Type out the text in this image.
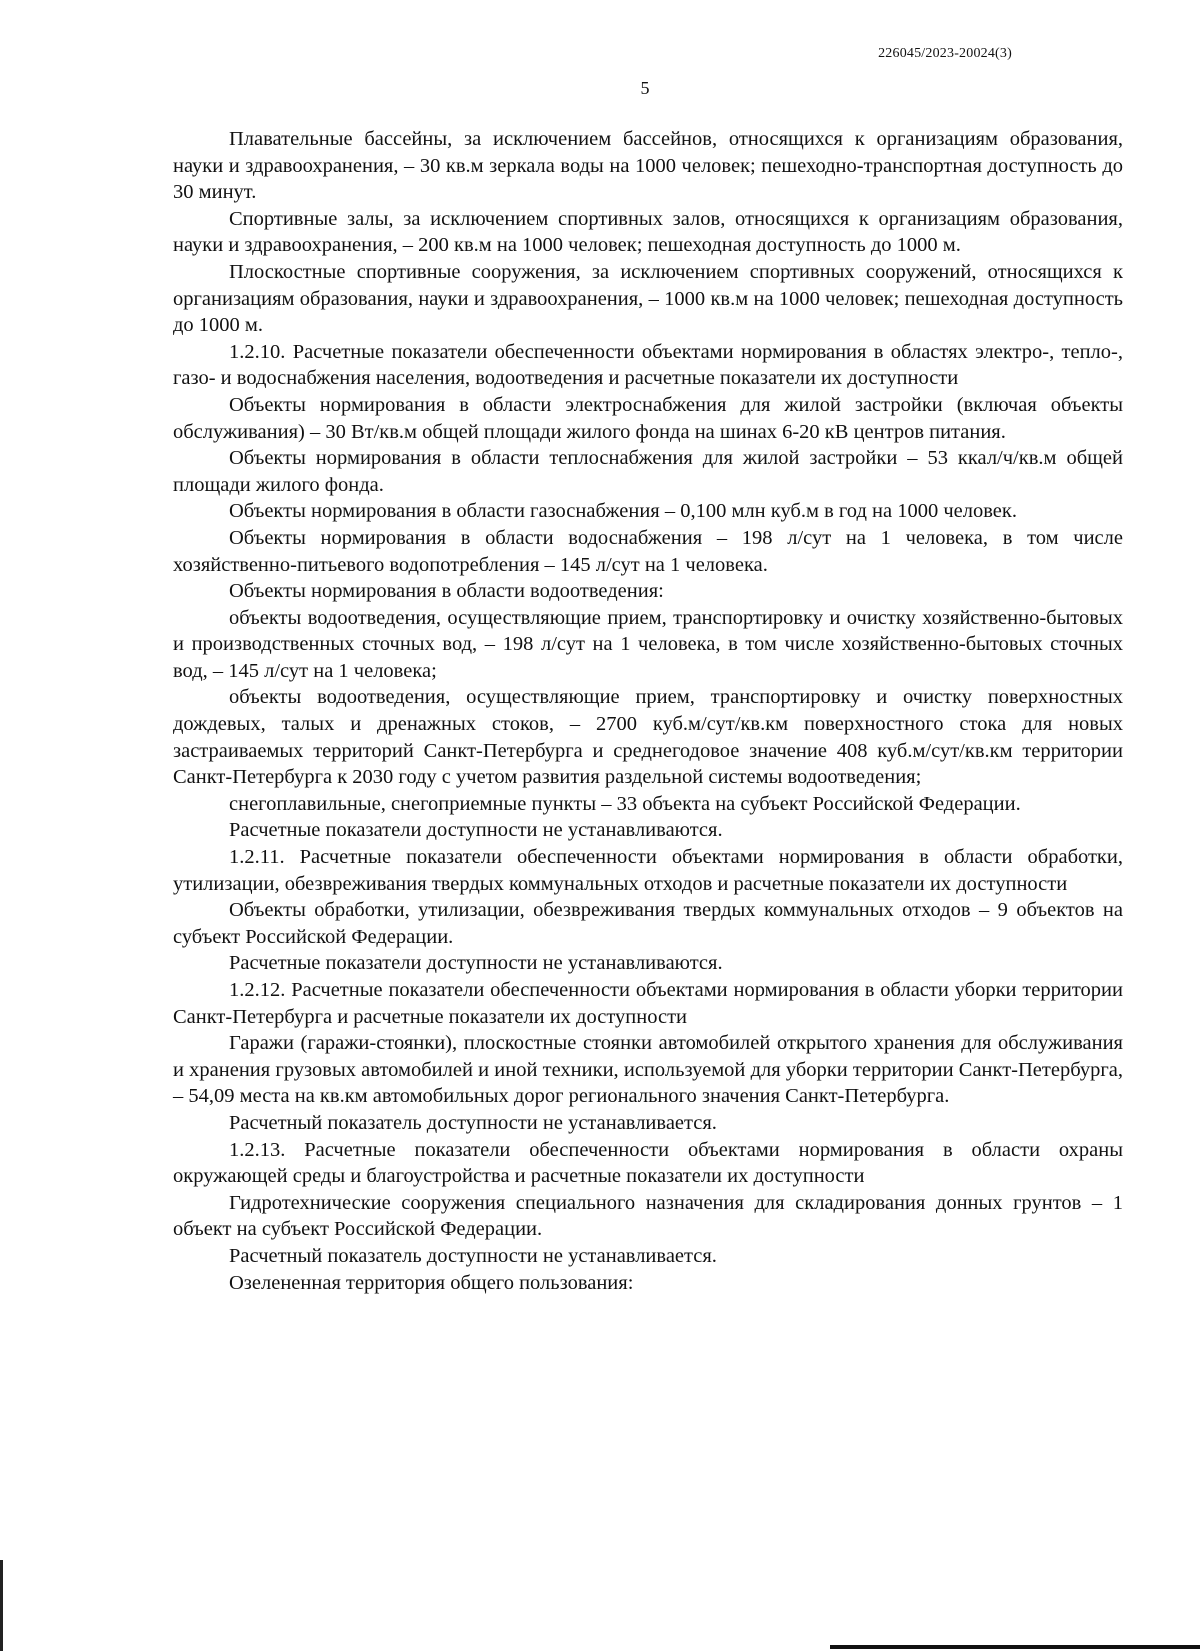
226045/2023-20024(3)
5

Плавательные бассейны, за исключением бассейнов, относящихся к организациям образования, науки и здравоохранения, – 30 кв.м зеркала воды на 1000 человек; пешеходно-транспортная доступность до 30 минут.

Спортивные залы, за исключением спортивных залов, относящихся к организациям образования, науки и здравоохранения, – 200 кв.м на 1000 человек; пешеходная доступность до 1000 м.

Плоскостные спортивные сооружения, за исключением спортивных сооружений, относящихся к организациям образования, науки и здравоохранения, – 1000 кв.м на 1000 человек; пешеходная доступность до 1000 м.

1.2.10. Расчетные показатели обеспеченности объектами нормирования в областях электро-, тепло-, газо- и водоснабжения населения, водоотведения и расчетные показатели их доступности

Объекты нормирования в области электроснабжения для жилой застройки (включая объекты обслуживания) – 30 Вт/кв.м общей площади жилого фонда на шинах 6-20 кВ центров питания.

Объекты нормирования в области теплоснабжения для жилой застройки – 53 ккал/ч/кв.м общей площади жилого фонда.

Объекты нормирования в области газоснабжения – 0,100 млн куб.м в год на 1000 человек.

Объекты нормирования в области водоснабжения – 198 л/сут на 1 человека, в том числе хозяйственно-питьевого водопотребления – 145 л/сут на 1 человека.

Объекты нормирования в области водоотведения:

объекты водоотведения, осуществляющие прием, транспортировку и очистку хозяйственно-бытовых и производственных сточных вод, – 198 л/сут на 1 человека, в том числе хозяйственно-бытовых сточных вод, – 145 л/сут на 1 человека;

объекты водоотведения, осуществляющие прием, транспортировку и очистку поверхностных дождевых, талых и дренажных стоков, – 2700 куб.м/сут/кв.км поверхностного стока для новых застраиваемых территорий Санкт-Петербурга и среднегодовое значение 408 куб.м/сут/кв.км территории Санкт-Петербурга к 2030 году с учетом развития раздельной системы водоотведения;

снегоплавильные, снегоприемные пункты – 33 объекта на субъект Российской Федерации.

Расчетные показатели доступности не устанавливаются.

1.2.11. Расчетные показатели обеспеченности объектами нормирования в области обработки, утилизации, обезвреживания твердых коммунальных отходов и расчетные показатели их доступности

Объекты обработки, утилизации, обезвреживания твердых коммунальных отходов – 9 объектов на субъект Российской Федерации.

Расчетные показатели доступности не устанавливаются.

1.2.12. Расчетные показатели обеспеченности объектами нормирования в области уборки территории Санкт-Петербурга и расчетные показатели их доступности

Гаражи (гаражи-стоянки), плоскостные стоянки автомобилей открытого хранения для обслуживания и хранения грузовых автомобилей и иной техники, используемой для уборки территории Санкт-Петербурга, – 54,09 места на кв.км автомобильных дорог регионального значения Санкт-Петербурга.

Расчетный показатель доступности не устанавливается.

1.2.13. Расчетные показатели обеспеченности объектами нормирования в области охраны окружающей среды и благоустройства и расчетные показатели их доступности

Гидротехнические сооружения специального назначения для складирования донных грунтов – 1 объект на субъект Российской Федерации.

Расчетный показатель доступности не устанавливается.

Озелененная территория общего пользования:
